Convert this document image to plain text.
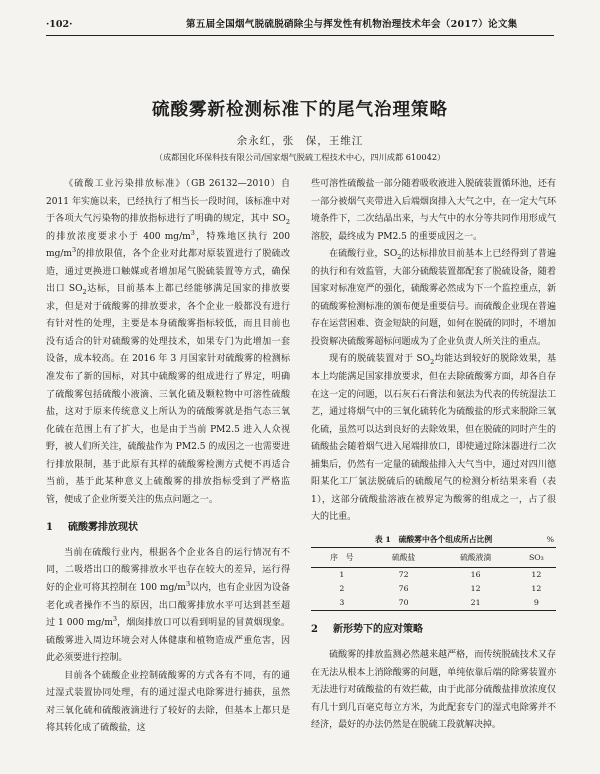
·102·	第五届全国烟气脱硫脱硝除尘与挥发性有机物治理技术年会（2017）论文集
硫酸雾新检测标准下的尾气治理策略
余永红，张　保，王维江
（成都国化环保科技有限公司/国家烟气脱硫工程技术中心，四川成都 610042）

《硫酸工业污染排放标准》（GB 26132—2010）自 2011 年实施以来，已经执行了相当长一段时间，该标准中对于各项大气污染物的排放指标进行了明确的规定，其中 $SO_2$的排放浓度要求小于 400 $mg/m^3$，特殊地区执行 200 $mg/m^3$的排放限值，各个企业对此都对原装置进行了脱硫改造，通过更换进口触媒或者增加尾气脱硫装置等方式，确保出口 $SO_2$达标，目前基本上都已经能够满足国家的排放要求，但是对于硫酸雾的排放要求，各个企业一般都没有进行有针对性的处理，主要是本身硫酸雾指标较低，而且目前也没有适合的针对硫酸雾的处理技术，如果专门为此增加一套设备，成本较高。在 2016 年 3 月国家针对硫酸雾的检测标准发布了新的国标，对其中硫酸雾的组成进行了界定，明确了硫酸雾包括硫酸小液滴、三氧化硫及颗粒物中可溶性硫酸盐，这对于原来传统意义上所认为的硫酸雾就是指气态三氧化硫在范围上有了扩大，也是由于当前 PM2.5 进入人众视野，被人们所关注，硫酸盐作为 PM2.5 的成因之一也需要进行排放限制，基于此原有其样的硫酸雾检测方式便不再适合当前，基于此某种意义上硫酸雾的排放指标受到了严格监管，便成了企业所要关注的焦点问题之一。

1 硫酸雾排放现状

当前在硫酸行业内，根据各个企业各自的运行情况有不同，二吸塔出口的酸雾排放水平也存在较大的差异，运行得好的企业可将其控制在 100 $mg/m^3$以内，也有企业因为设备老化或者操作不当的原因，出口酸雾排放水平可达到甚至超过 1 000 $mg/m^3$，烟囱排放口可以看到明显的冒黄烟现象。硫酸雾进入周边环境会对人体健康和植物造成严重危害，因此必须要进行控制。

目前各个硫酸企业控制硫酸雾的方式各有不同，有的通过湿式装置协同处理，有的通过湿式电除雾进行捕获，虽然对三氧化硫和硫酸液滴进行了较好的去除，但基本上都只是将其转化成了硫酸盐，这

些可溶性硫酸盐一部分随着吸收液进入脱硫装置循环池，还有一部分被烟气夹带进入后端烟囱排入大气之中，在一定大气环境条件下，二次结晶出来，与大气中的水分等共同作用形成气溶胶，最终成为 PM2.5 的重要成因之一。

在硫酸行业，$SO_2$的达标排放目前基本上已经得到了普遍的执行和有效监管，大部分硫酸装置都配套了脱硫设备，随着国家对标准宽严的强化，硫酸雾必然成为下一个监控重点，新的硫酸雾检测标准的颁布便是重要信号。而硫酸企业现在普遍存在运营困难、资金短缺的问题，如何在脱硫的同时，不增加投资解决硫酸雾超标问题成为了企业负责人所关注的重点。

现有的脱硫装置对于 $SO_2$均能达到较好的脱除效果，基本上均能满足国家排放要求，但在去除硫酸雾方面，却各自存在这一定的问题，以石灰石石膏法和氨法为代表的传统湿法工艺，通过将烟气中的三氧化硫转化为硫酸盐的形式来脱除三氧化硫，虽然可以达到良好的去除效果，但在脱硫的同时产生的硫酸盐会随着烟气进入尾端排放口，即使通过除沫器进行二次捕集后，仍然有一定量的硫酸盐排入大气当中，通过对四川德阳某化工厂氯法脱硫后的硫酸尾气的检测分析结果来看（表 1），这部分硫酸盐溶液在被界定为酸雾的组成之一，占了很大的比重。

表 1　硫酸雾中各个组成所占比例	%
序　号	硫酸盐	硫酸液滴	SO₃
1	72	16	12
2	76	12	12
3	70	21	9
2 新形势下的应对策略

硫酸雾的排放监测必然越来越严格，而传统脱硫技术又存在无法从根本上消除酸雾的问题，单纯依靠后端的除雾装置亦无法进行对硫酸盐的有效拦截，由于此部分硫酸盐排放浓度仅有几十到几百毫克每立方米，为此配套专门的湿式电除雾并不经济，最好的办法仍然是在脱硫工段就解决掉。
